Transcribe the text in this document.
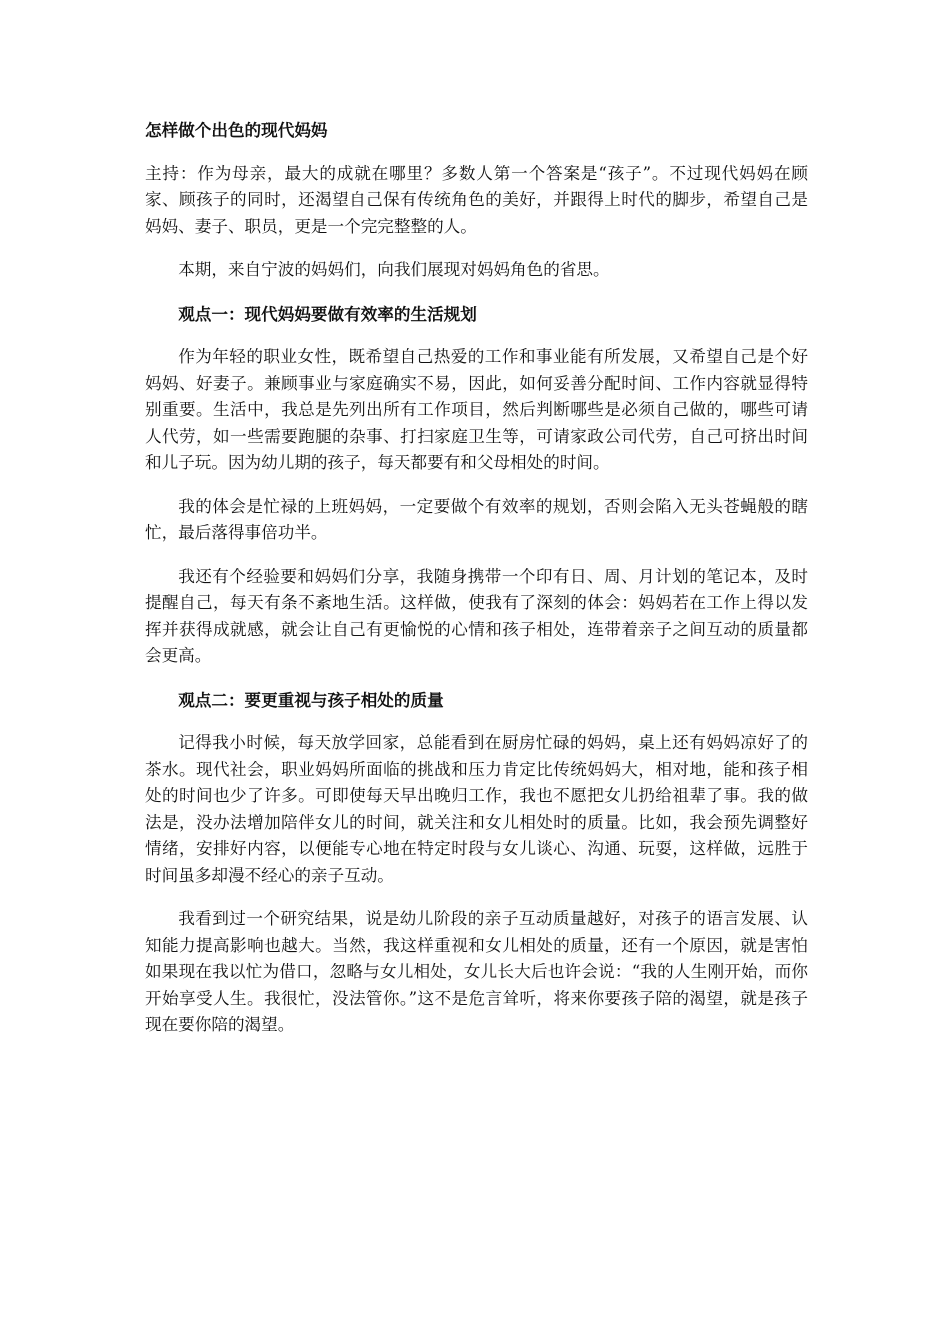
怎样做个出色的现代妈妈

主持：作为母亲，最大的成就在哪里？多数人第一个答案是“孩子”。不过现代妈妈在顾家、顾孩子的同时，还渴望自己保有传统角色的美好，并跟得上时代的脚步，希望自己是妈妈、妻子、职员，更是一个完完整整的人。

本期，来自宁波的妈妈们，向我们展现对妈妈角色的省思。

观点一：现代妈妈要做有效率的生活规划

作为年轻的职业女性，既希望自己热爱的工作和事业能有所发展，又希望自己是个好妈妈、好妻子。兼顾事业与家庭确实不易，因此，如何妥善分配时间、工作内容就显得特别重要。生活中，我总是先列出所有工作项目，然后判断哪些是必须自己做的，哪些可请人代劳，如一些需要跑腿的杂事、打扫家庭卫生等，可请家政公司代劳，自己可挤出时间和儿子玩。因为幼儿期的孩子，每天都要有和父母相处的时间。

我的体会是忙禄的上班妈妈，一定要做个有效率的规划，否则会陷入无头苍蝇般的瞎忙，最后落得事倍功半。

我还有个经验要和妈妈们分享，我随身携带一个印有日、周、月计划的笔记本，及时提醒自己，每天有条不紊地生活。这样做，使我有了深刻的体会：妈妈若在工作上得以发挥并获得成就感，就会让自己有更愉悦的心情和孩子相处，连带着亲子之间互动的质量都会更高。

观点二：要更重视与孩子相处的质量

记得我小时候，每天放学回家，总能看到在厨房忙碌的妈妈，桌上还有妈妈凉好了的茶水。现代社会，职业妈妈所面临的挑战和压力肯定比传统妈妈大，相对地，能和孩子相处的时间也少了许多。可即使每天早出晚归工作，我也不愿把女儿扔给祖辈了事。我的做法是，没办法增加陪伴女儿的时间，就关注和女儿相处时的质量。比如，我会预先调整好情绪，安排好内容，以便能专心地在特定时段与女儿谈心、沟通、玩耍，这样做，远胜于时间虽多却漫不经心的亲子互动。

我看到过一个研究结果，说是幼儿阶段的亲子互动质量越好，对孩子的语言发展、认知能力提高影响也越大。当然，我这样重视和女儿相处的质量，还有一个原因，就是害怕如果现在我以忙为借口，忽略与女儿相处，女儿长大后也许会说：“我的人生刚开始，而你开始享受人生。我很忙，没法管你。”这不是危言耸听，将来你要孩子陪的渴望，就是孩子现在要你陪的渴望。
